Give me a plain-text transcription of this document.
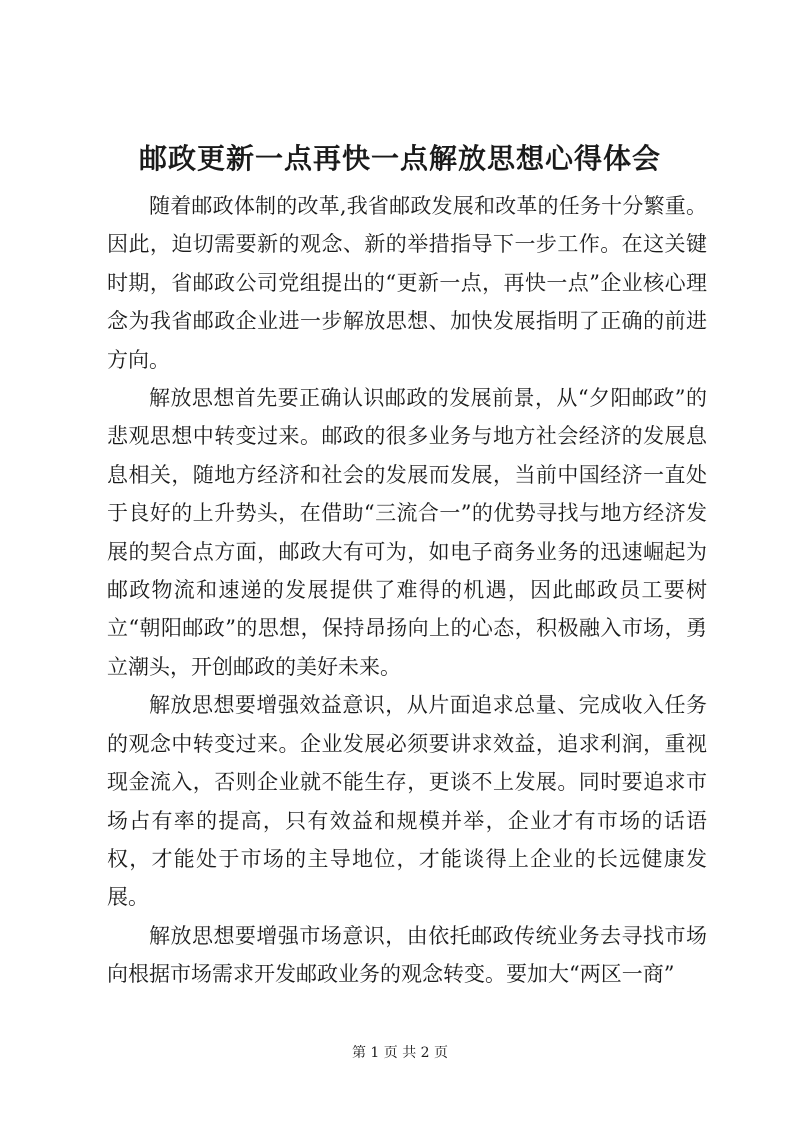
邮政更新一点再快一点解放思想心得体会

随着邮政体制的改革,我省邮政发展和改革的任务十分繁重。因此，迫切需要新的观念、新的举措指导下一步工作。在这关键时期，省邮政公司党组提出的“更新一点，再快一点”企业核心理念为我省邮政企业进一步解放思想、加快发展指明了正确的前进方向。

解放思想首先要正确认识邮政的发展前景，从“夕阳邮政”的悲观思想中转变过来。邮政的很多业务与地方社会经济的发展息息相关，随地方经济和社会的发展而发展，当前中国经济一直处于良好的上升势头，在借助“三流合一”的优势寻找与地方经济发展的契合点方面，邮政大有可为，如电子商务业务的迅速崛起为邮政物流和速递的发展提供了难得的机遇，因此邮政员工要树立“朝阳邮政”的思想，保持昂扬向上的心态，积极融入市场，勇立潮头，开创邮政的美好未来。

解放思想要增强效益意识，从片面追求总量、完成收入任务的观念中转变过来。企业发展必须要讲求效益，追求利润，重视现金流入，否则企业就不能生存，更谈不上发展。同时要追求市场占有率的提高，只有效益和规模并举，企业才有市场的话语权，才能处于市场的主导地位，才能谈得上企业的长远健康发展。

解放思想要增强市场意识，由依托邮政传统业务去寻找市场向根据市场需求开发邮政业务的观念转变。要加大“两区一商”

第 1 页 共 2 页
